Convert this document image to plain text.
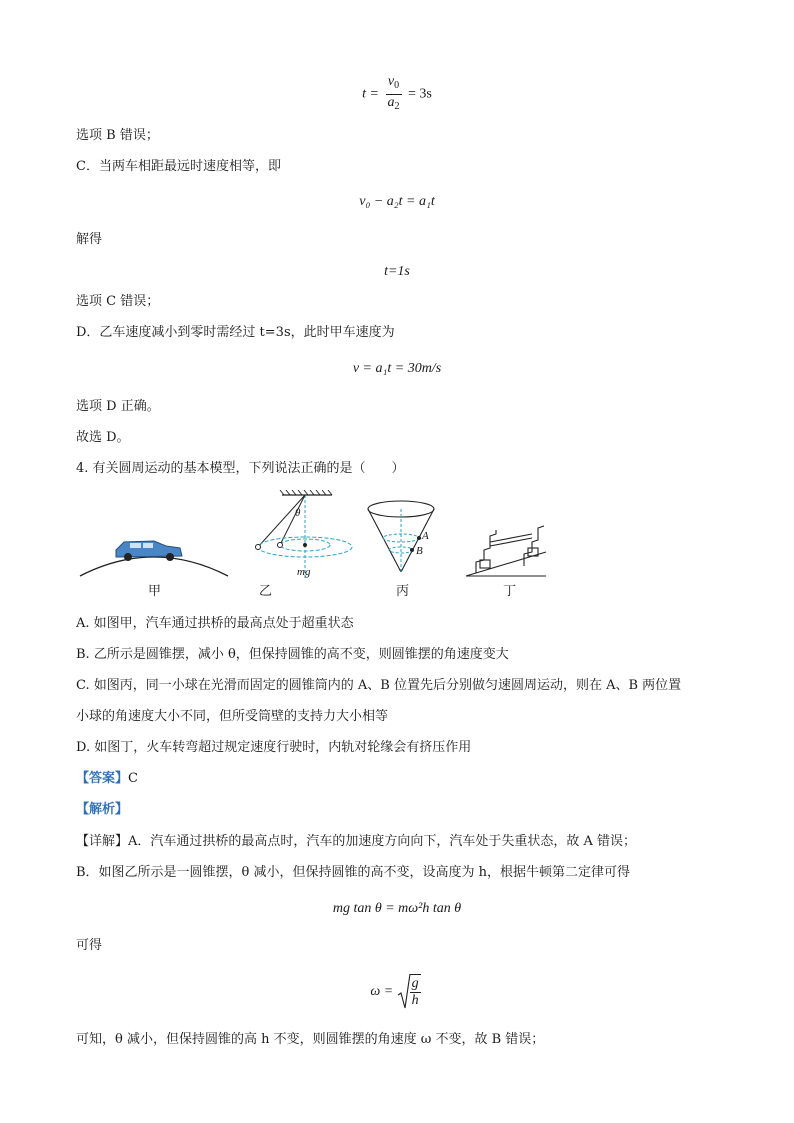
$t = \frac{v_0}{a_2} = 3s$
选项 B 错误；
C．当两车相距最远时速度相等，即
v₀ − a₂t = a₁t
解得
t=1s
选项 C 错误；
D．乙车速度减小到零时需经过 t=3s，此时甲车速度为
v = a₁t = 30m/s
选项 D 正确。
故选 D。
4. 有关圆周运动的基本模型，下列说法正确的是（　　）
θ
mg
A
B
甲	乙	丙	丁
A. 如图甲，汽车通过拱桥的最高点处于超重状态
B. 乙所示是圆锥摆，减小 θ，但保持圆锥的高不变，则圆锥摆的角速度变大
C. 如图丙，同一小球在光滑而固定的圆锥筒内的 A、B 位置先后分别做匀速圆周运动，则在 A、B 两位置
小球的角速度大小不同，但所受筒壁的支持力大小相等
D. 如图丁，火车转弯超过规定速度行驶时，内轨对轮缘会有挤压作用
【答案】C
【解析】
【详解】A．汽车通过拱桥的最高点时，汽车的加速度方向向下，汽车处于失重状态，故 A 错误；
B．如图乙所示是一圆锥摆，θ 减小，但保持圆锥的高不变，设高度为 h，根据牛顿第二定律可得
mg tan θ = mω²h tan θ
可得
$\omega = \frac{g}{h}$
可知，θ 减小，但保持圆锥的高 h 不变，则圆锥摆的角速度 ω 不变，故 B 错误；
